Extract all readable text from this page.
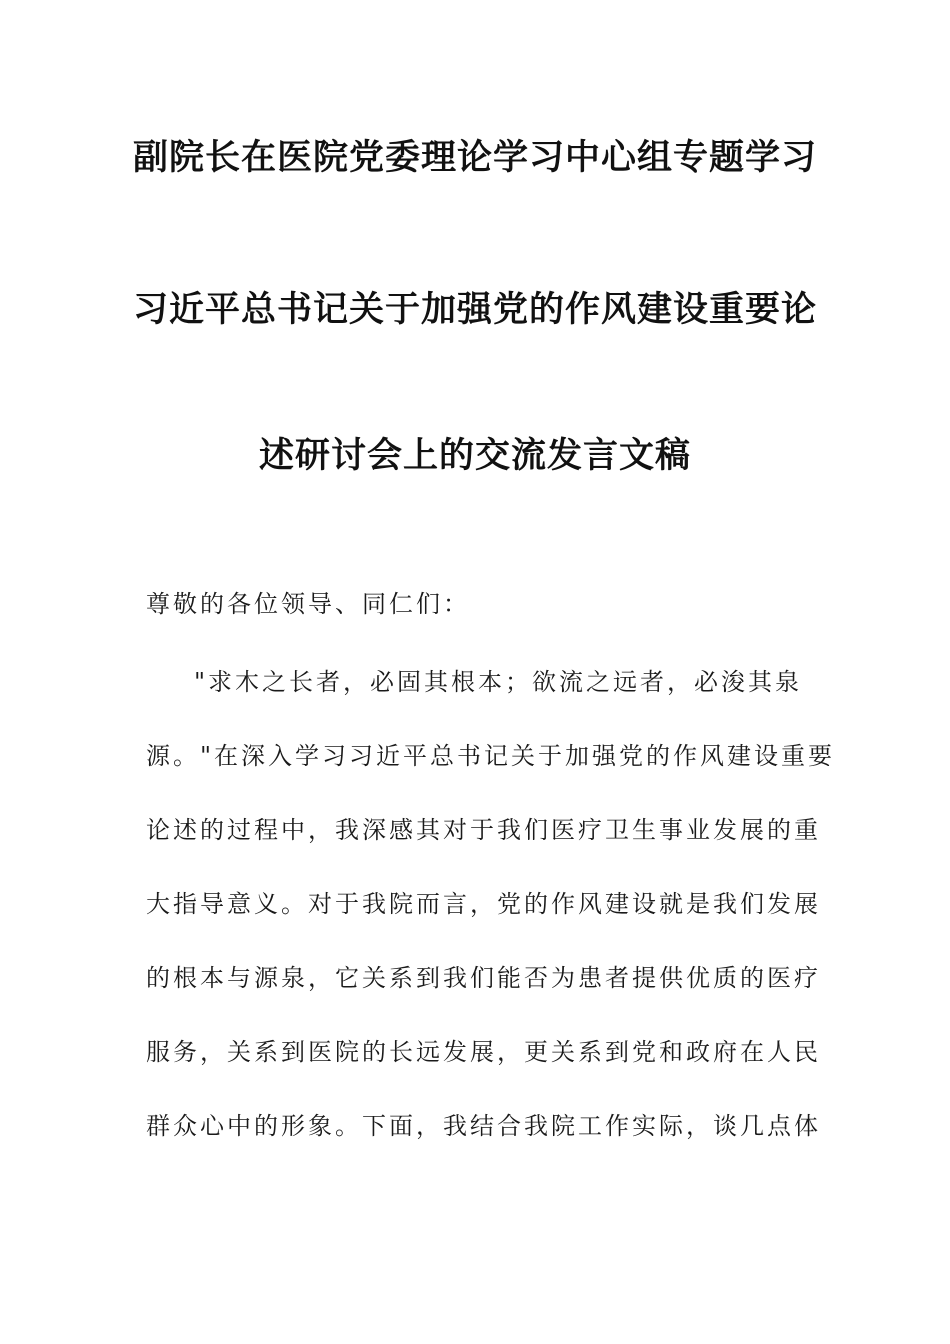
副院长在医院党委理论学习中心组专题学习
习近平总书记关于加强党的作风建设重要论
述研讨会上的交流发言文稿
尊敬的各位领导、同仁们：
"求木之长者，必固其根本；欲流之远者，必浚其泉
源。"在深入学习习近平总书记关于加强党的作风建设重要
论述的过程中，我深感其对于我们医疗卫生事业发展的重
大指导意义。对于我院而言，党的作风建设就是我们发展
的根本与源泉，它关系到我们能否为患者提供优质的医疗
服务，关系到医院的长远发展，更关系到党和政府在人民
群众心中的形象。下面，我结合我院工作实际，谈几点体
